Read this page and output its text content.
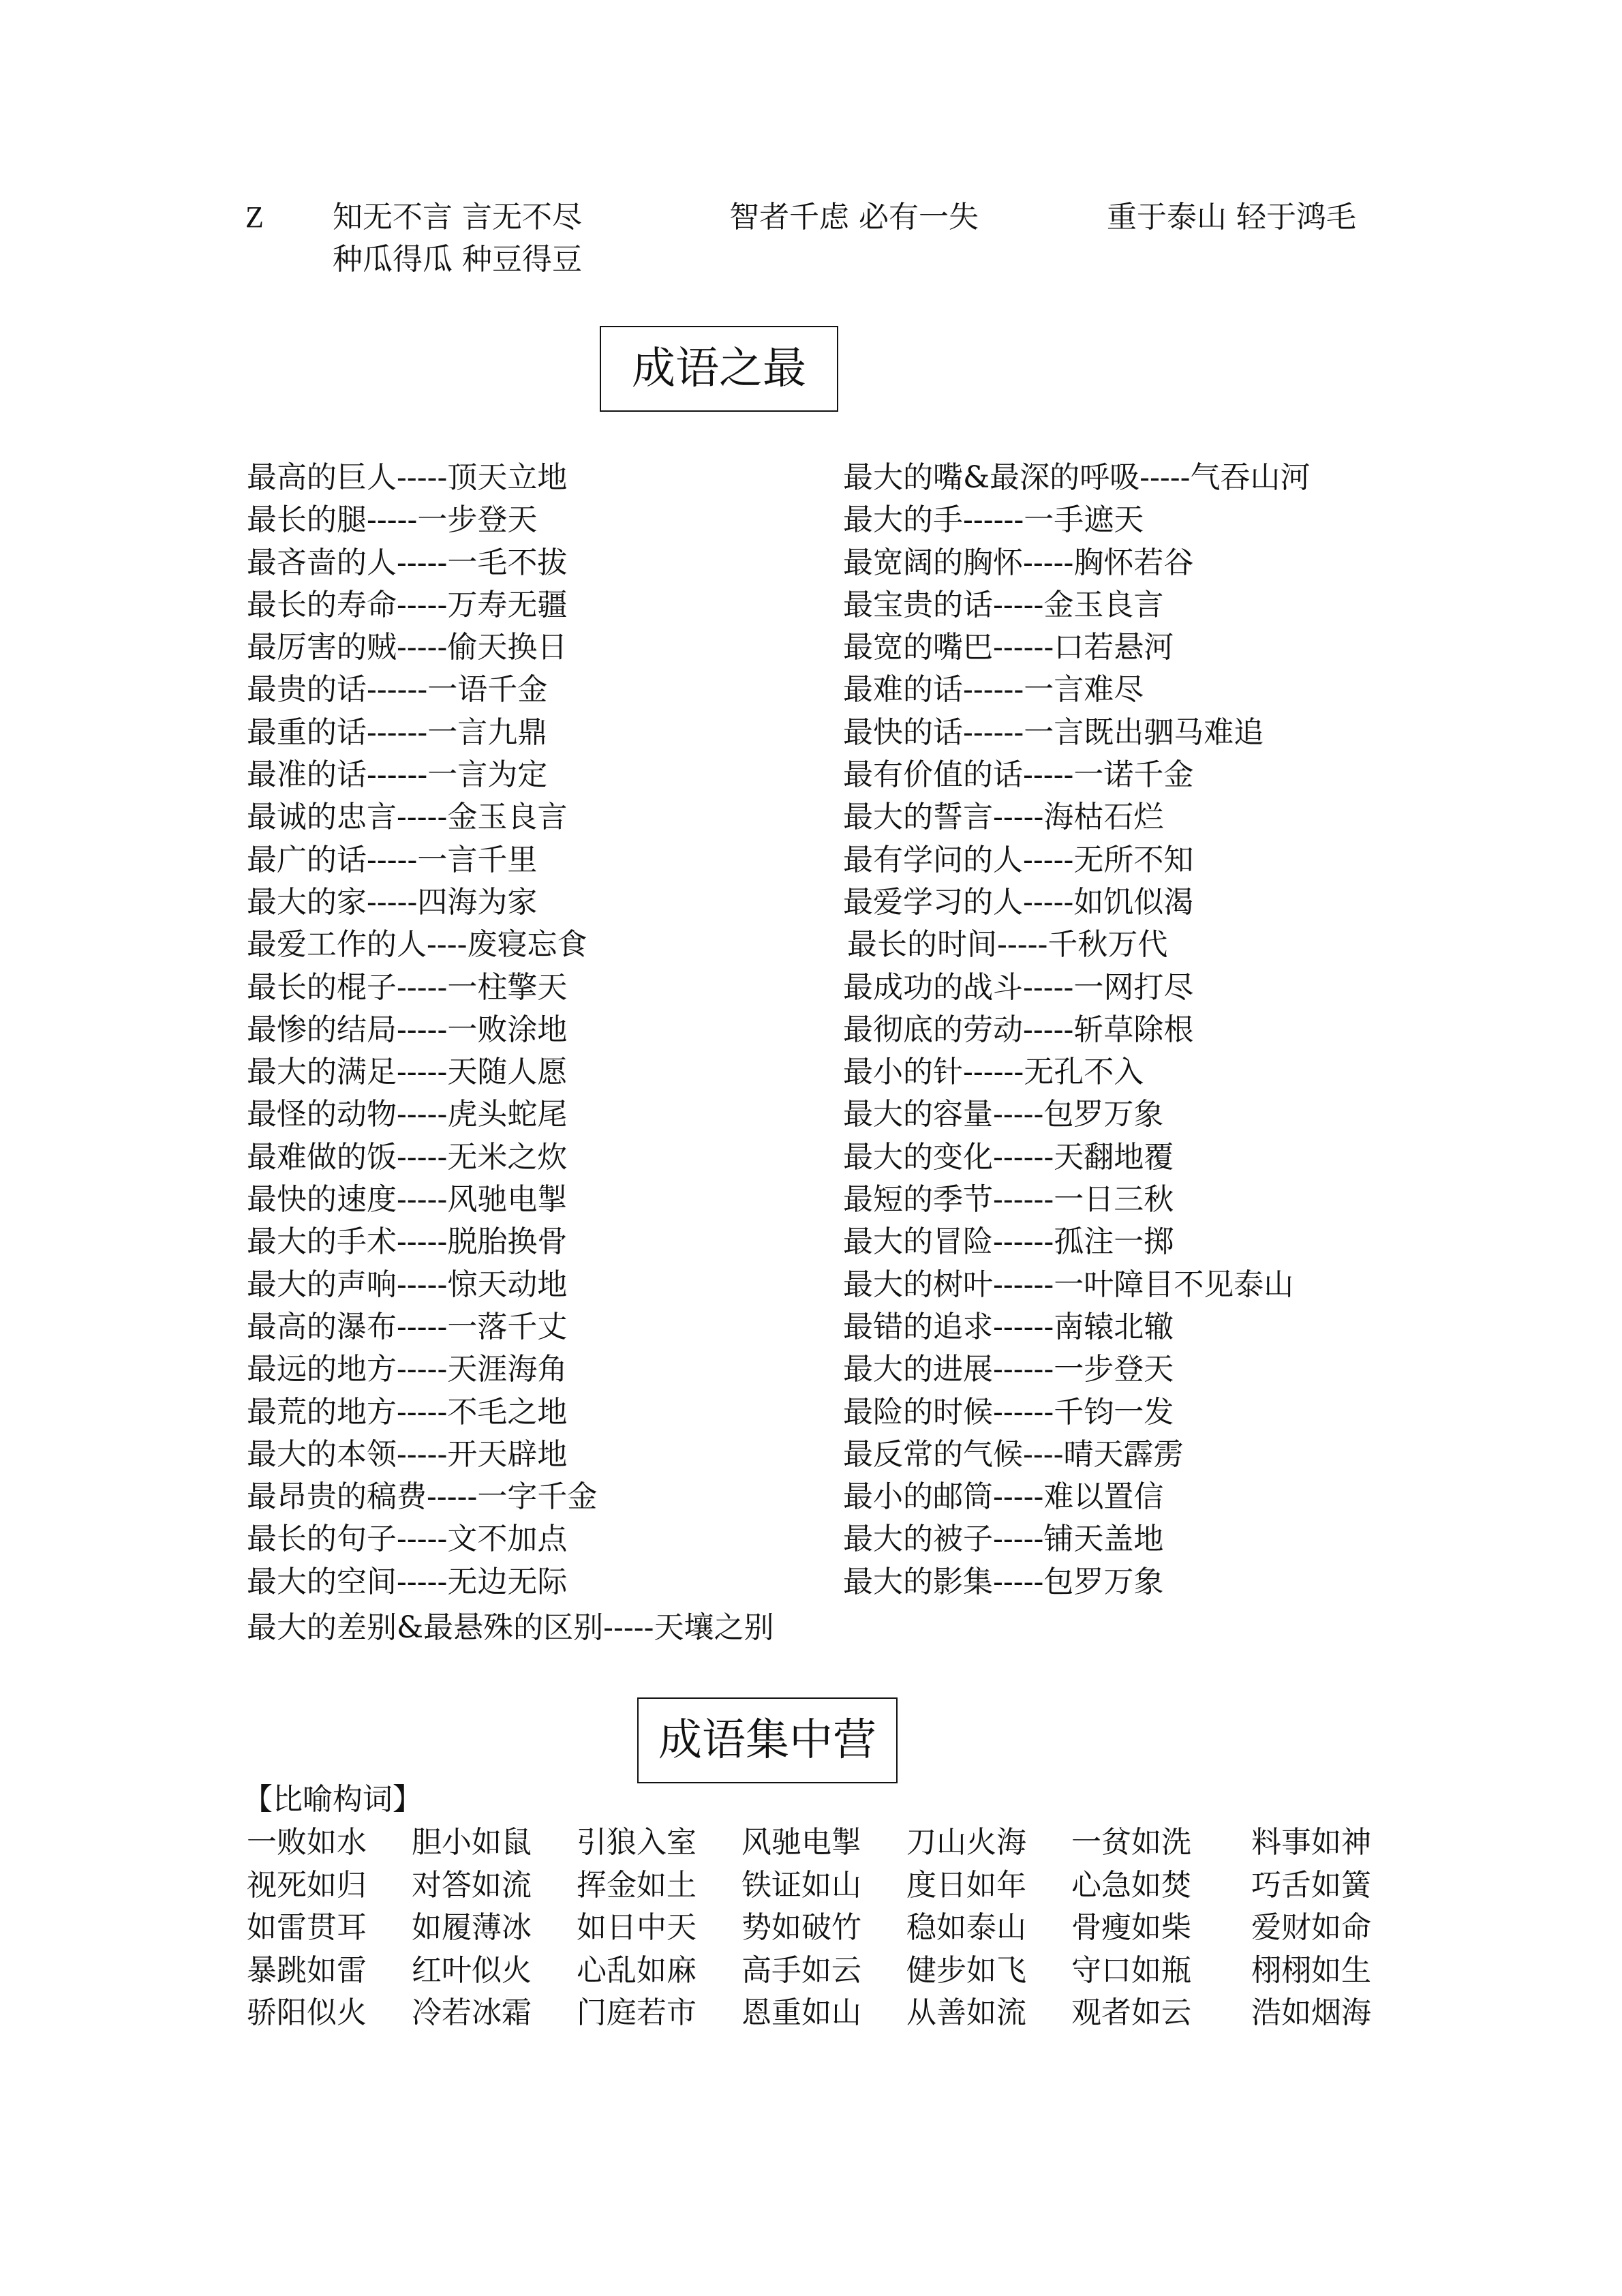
Z 知无不言 言无不尽	智者千虑 必有一失	重于泰山 轻于鸿毛
种瓜得瓜 种豆得豆
成语之最
最高的巨人-----顶天立地
最长的腿-----一步登天
最吝啬的人-----一毛不拔
最长的寿命-----万寿无疆
最厉害的贼-----偷天换日
最贵的话------一语千金
最重的话------一言九鼎
最准的话------一言为定
最诚的忠言-----金玉良言
最广的话-----一言千里
最大的家-----四海为家
最爱工作的人----废寝忘食
最长的棍子-----一柱擎天
最惨的结局-----一败涂地
最大的满足-----天随人愿
最怪的动物-----虎头蛇尾
最难做的饭-----无米之炊
最快的速度-----风驰电掣
最大的手术-----脱胎换骨
最大的声响-----惊天动地
最高的瀑布-----一落千丈
最远的地方-----天涯海角
最荒的地方-----不毛之地
最大的本领-----开天辟地
最昂贵的稿费-----一字千金
最长的句子-----文不加点
最大的空间-----无边无际
最大的嘴&最深的呼吸-----气吞山河
最大的手------一手遮天
最宽阔的胸怀-----胸怀若谷
最宝贵的话-----金玉良言
最宽的嘴巴------口若悬河
最难的话------一言难尽
最快的话------一言既出驷马难追
最有价值的话-----一诺千金
最大的誓言-----海枯石烂
最有学问的人-----无所不知
最爱学习的人-----如饥似渴
最长的时间-----千秋万代
最成功的战斗-----一网打尽
最彻底的劳动-----斩草除根
最小的针------无孔不入
最大的容量-----包罗万象
最大的变化------天翻地覆
最短的季节------一日三秋
最大的冒险------孤注一掷
最大的树叶------一叶障目不见泰山
最错的追求------南辕北辙
最大的进展------一步登天
最险的时候------千钧一发
最反常的气候----晴天霹雳
最小的邮筒-----难以置信
最大的被子-----铺天盖地
最大的影集-----包罗万象
最大的差别&最悬殊的区别-----天壤之别
成语集中营
【比喻构词】
一败如水 胆小如鼠 引狼入室 风驰电掣 刀山火海 一贫如洗 料事如神
视死如归 对答如流 挥金如土 铁证如山 度日如年 心急如焚 巧舌如簧
如雷贯耳 如履薄冰 如日中天 势如破竹 稳如泰山 骨瘦如柴 爱财如命
暴跳如雷 红叶似火 心乱如麻 高手如云 健步如飞 守口如瓶 栩栩如生
骄阳似火 冷若冰霜 门庭若市 恩重如山 从善如流 观者如云 浩如烟海
